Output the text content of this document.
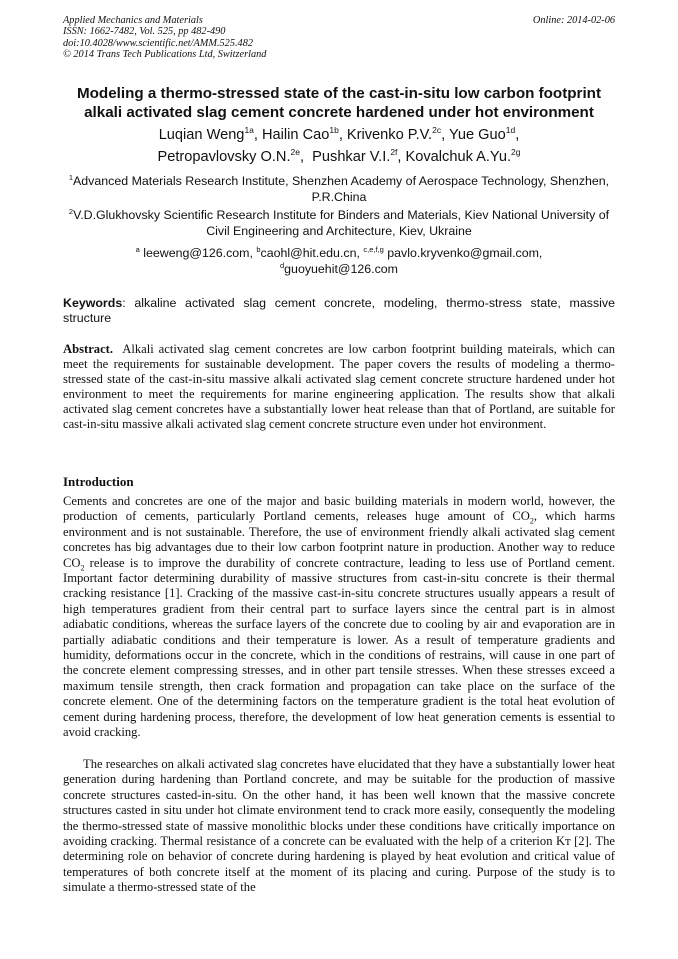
Applied Mechanics and Materials
ISSN: 1662-7482, Vol. 525, pp 482-490
doi:10.4028/www.scientific.net/AMM.525.482
© 2014 Trans Tech Publications Ltd, Switzerland
Online: 2014-02-06
Modeling a thermo-stressed state of the cast-in-situ low carbon footprint alkali activated slag cement concrete hardened under hot environment
Luqian Weng$^{1a}$, Hailin Cao$^{1b}$, Krivenko P.V.$^{2c}$, Yue Guo$^{1d}$,
Petropavlovsky O.N.$^{2e}$,  Pushkar V.I.$^{2f}$, Kovalchuk A.Yu.$^{2g}$
$^1$Advanced Materials Research Institute, Shenzhen Academy of Aerospace Technology, Shenzhen, P.R.China
$^2$V.D.Glukhovsky Scientific Research Institute for Binders and Materials, Kiev National University of Civil Engineering and Architecture, Kiev, Ukraine
$^a$ leeweng@126.com, $^b$caohl@hit.edu.cn, $^{c,e,f,g}$ pavlo.kryvenko@gmail.com,
$^d$guoyuehit@126.com
Keywords: alkaline activated slag cement concrete, modeling, thermo-stress state, massive structure
Abstract.  Alkali activated slag cement concretes are low carbon footprint building mateirals, which can meet the requirements for sustainable development. The paper covers the results of modeling a thermo-stressed state of the cast-in-situ massive alkali activated slag cement concrete structure hardened under hot environment to meet the requirements for marine engineering application. The results show that alkali activated slag cement concretes have a substantially lower heat release than that of Portland, are suitable for cast-in-situ massive alkali activated slag cement concrete structure even under hot environment.
Introduction
Cements and concretes are one of the major and basic building materials in modern world, however, the production of cements, particularly Portland cements, releases huge amount of $CO_2$, which harms environment and is not sustainable. Therefore, the use of environment friendly alkali activated slag cement concretes has big advantages due to their low carbon footprint nature in production. Another way to reduce $CO_2$ release is to improve the durability of concrete contracture, leading to less use of Portland cement. Important factor determining durability of massive structures from cast-in-situ concrete is their thermal cracking resistance [1]. Cracking of the massive cast-in-situ concrete structures usually appears a result of high temperatures gradient from their central part to surface layers since the central part is in almost adiabatic conditions, whereas the surface layers of the concrete due to cooling by air and evaporation are in partially adiabatic conditions and their temperature is lower. As a result of temperature gradients and humidity, deformations occur in the concrete, which in the conditions of restrains, will cause in one part of the concrete element compressing stresses, and in other part tensile stresses. When these stresses exceed a maximum tensile strength, then crack formation and propagation can take place on the surface of the concrete element. One of the determining factors on the temperature gradient is the total heat evolution of cement during hardening process, therefore, the development of low heat generation cements is essential to avoid cracking.
The researches on alkali activated slag concretes have elucidated that they have a substantially lower heat generation during hardening than Portland concrete, and may be suitable for the production of massive concrete structures casted-in-situ. On the other hand, it has been well known that the massive concrete structures casted in situ under hot climate environment tend to crack more easily, consequently the modeling the thermo-stressed state of massive monolithic blocks under these conditions have critically importance on avoiding cracking. Thermal resistance of a concrete can be evaluated with the help of a criterion Kт [2]. The determining role on behavior of concrete during hardening is played by heat evolution and critical value of temperatures of both concrete itself at the moment of its placing and curing. Purpose of the study is to simulate a thermo-stressed state of the
